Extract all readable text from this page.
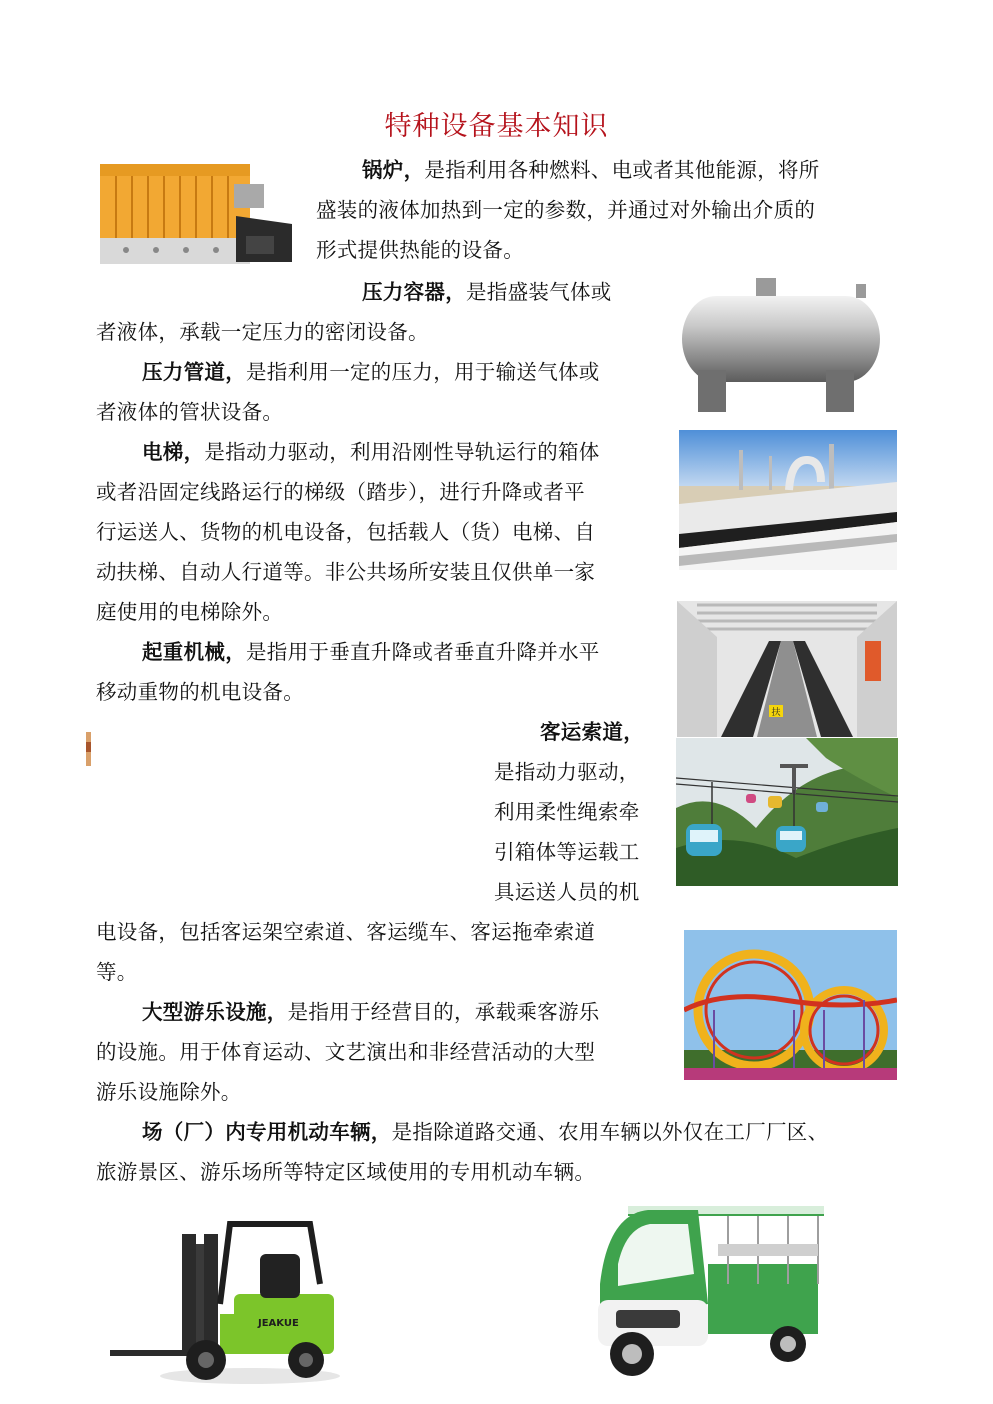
特种设备基本知识
锅炉，是指利用各种燃料、电或者其他能源，将所
盛装的液体加热到一定的参数，并通过对外输出介质的
形式提供热能的设备。
压力容器，是指盛装气体或
者液体，承载一定压力的密闭设备。
压力管道，是指利用一定的压力，用于输送气体或
者液体的管状设备。
电梯，是指动力驱动，利用沿刚性导轨运行的箱体
或者沿固定线路运行的梯级（踏步），进行升降或者平
行运送人、货物的机电设备，包括载人（货）电梯、自
动扶梯、自动人行道等。非公共场所安装且仅供单一家
庭使用的电梯除外。
扶
起重机械，是指用于垂直升降或者垂直升降并水平
移动重物的机电设备。
客运索道，
是指动力驱动，
利用柔性绳索牵
引箱体等运载工
具运送人员的机
电设备，包括客运架空索道、客运缆车、客运拖牵索道
等。
大型游乐设施，是指用于经营目的，承载乘客游乐
的设施。用于体育运动、文艺演出和非经营活动的大型
游乐设施除外。
场（厂）内专用机动车辆，是指除道路交通、农用车辆以外仅在工厂厂区、
旅游景区、游乐场所等特定区域使用的专用机动车辆。
JEAKUE
